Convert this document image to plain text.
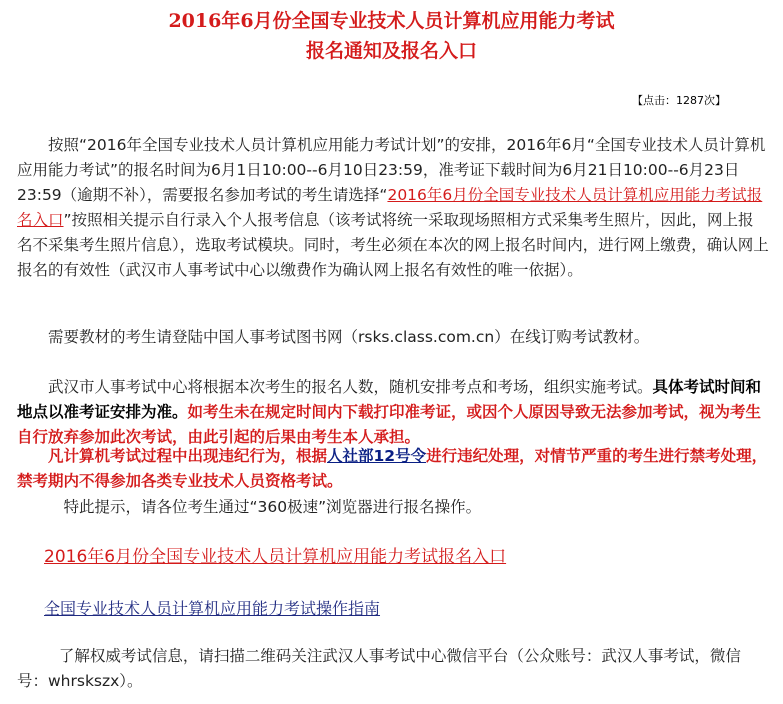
2016年6月份全国专业技术人员计算机应用能力考试
报名通知及报名入口
【点击：1287次】

按照“2016年全国专业技术人员计算机应用能力考试计划”的安排，2016年6月“全国专业技术人员计算机应用能力考试”的报名时间为6月1日10:00--6月10日23:59，准考证下载时间为6月21日10:00--6月23日23:59（逾期不补），需要报名参加考试的考生请选择“2016年6月份全国专业技术人员计算机应用能力考试报名入口”按照相关提示自行录入个人报考信息（该考试将统一采取现场照相方式采集考生照片，因此，网上报名不采集考生照片信息），选取考试模块。同时，考生必须在本次的网上报名时间内，进行网上缴费，确认网上报名的有效性（武汉市人事考试中心以缴费作为确认网上报名有效性的唯一依据）。

需要教材的考生请登陆中国人事考试图书网（rsks.class.com.cn）在线订购考试教材。

武汉市人事考试中心将根据本次考生的报名人数，随机安排考点和考场，组织实施考试。具体考试时间和地点以准考证安排为准。如考生未在规定时间内下载打印准考证，或因个人原因导致无法参加考试，视为考生自行放弃参加此次考试，由此引起的后果由考生本人承担。

凡计算机考试过程中出现违纪行为，根据人社部12号令进行违纪处理，对情节严重的考生进行禁考处理，禁考期内不得参加各类专业技术人员资格考试。

特此提示，请各位考生通过“360极速”浏览器进行报名操作。

2016年6月份全国专业技术人员计算机应用能力考试报名入口
全国专业技术人员计算机应用能力考试操作指南

了解权威考试信息，请扫描二维码关注武汉人事考试中心微信平台（公众账号：武汉人事考试，微信号：whrskszx）。
